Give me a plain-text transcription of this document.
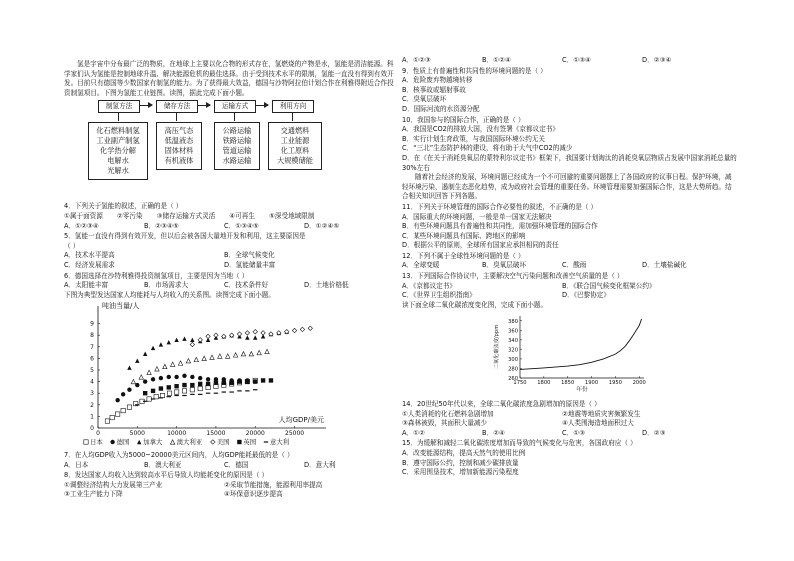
氢是宇宙中分布最广泛的物质，在地球上主要以化合物的形式存在，氢燃烧的产物是水，氢能是清洁能源。科学家们认为氢能是控制地球升温、解决能源危机的最佳选择。由于受到技术水平的限制，氢能一直没有得到有效开发。目前只有德国等少数国家有制氢的能力。为了获得最大效益，德国与沙特阿拉伯计划合作在利雅得附近合作投资制氢项目。下图为氢能工业链图。读图，据此完成下面小题。

制氢方法	储存方法	运输方式	利用方向
化石燃料制氢
工业副产制氢
化学热分解
电解水
光解水
高压气态
低温液态
固体材料
有机液体
公路运输
铁路运输
管道运输
水路运输
交通燃料
工业能源
化工原料
大规模储能

4．下列关于氢能的叙述，正确的是（ ）

①属于面资源 ②零污染 ③储存运输方式灵活 ④可再生 ⑤深受地域限制

A．①②③④	B．②③④⑤	C．①③④⑤	D．①②④⑤

5．氢能一直没有得到有效开发，但以后会被各国大量地开发和利用，这主要原因是

（ ）

A．技术水平提高	B．全球气候变化
C．经济发展需求	D．氢能储量丰富

6．德国选择在沙特利雅得投资制氢项目，主要是因为当地（ ）

A．太阳能丰富	B．市场需求大	C．技术条件好	D．土地价格低

下图为典型发达国家人均能耗与人均收入的关系图。读图完成下面小题。

0
1
2
3
4
5
6
7
8
9
0	5000	10000	15000	20000	25000
吨油当量/人
人均GDP/美元
日本 德国 加拿大 澳大利亚 美国 英国 意大利

7．在人均GDP收入为5000~20000美元区间内，人均GDP能耗最低的是（ ）

A．日本	B．澳大利亚	C．德国	D．意大利

8．发达国家人均收入达到较高水平后导致人均能耗变化的原因是（ ）

①调整经济结构大力发展第三产业	②采取节能措施，能源利用率提高
③工业生产能力下降	④环保意识逐步提高

A．①②③	B．①②④	C．①③④	D．②③④

9．性质上有普遍性和共同性的环境问题的是（ ）

A．危险废弃物越境转移

B．核事故或辐射事故

C．臭氧层破坏

D．国际河流的水资源分配

10．我国参与的国际合作，正确的是（ ）

A．我国是CO2的排放大国，没有签署《京都议定书》

B．实行计划生育政策，与我国国际环境公约无关

C．“三北”生态防护林的建设，将有助于大气中CO2的减少

D．在《在关于消耗臭氧层的蒙特利尔议定书》框架下，我国要计划淘汰的消耗臭氧层物质占发展中国家消耗总量的30%左右

随着社会经济的发展，环境问题已经成为一个不可回避的重要问题摆上了各国政府的议事日程。保护环境，减轻环境污染，遏制生态恶化趋势，成为政府社会管理的重要任务。环境管理需要加强国际合作，这是大势所趋。结合相关知识回答下列各题。

11．下列关于环境管理的国际合作必要性的叙述，不正确的是（ ）

A．国际重大的环境问题，一般是单一国家无法解决

B．有些环境问题具有普遍性和共同性，需加强环境管理的国际合作

C．某些环境问题具有国际、跨地区的影响

D．根据公平的原则，全球所有国家应承担相同的责任

12．下列不属于全球性环境问题的是（ ）

A．全球变暖	B．臭氧层破坏	C．酸雨	D．土壤盐碱化

13．下列国际合作协议中，主要解决空气污染问题和改善空气质量的是（ ）

A．《京都议定书》	B．《联合国气候变化框架公约》
C．《世界卫生组织指南》	D．《巴黎协定》

读下面全球二氧化碳浓度变化图，完成下面小题。

260
280
300
320
340
360
380
1750 1800 1850 1900 1950 2000
二氧化碳浓度/ppm
年份

14．20世纪50年代以来，全球二氧化碳浓度急剧增加的原因是（ ）

①人类消耗的化石燃料急剧增加	②地震等地质灾害频繁发生
③森林被毁，其面积大量减少	④人类围海造地面积过大

A．①②	B．②④	C．①③	D．②③

15．为缓解和减轻二氧化碳浓度增加而导致的气候变化与危害，各国政府应（ ）

A．改变能源结构，提高天然气的使用比例

B．遵守国际公约，控制和减少碳排放量

C．采用围垦技术，增加新能源污染程度
